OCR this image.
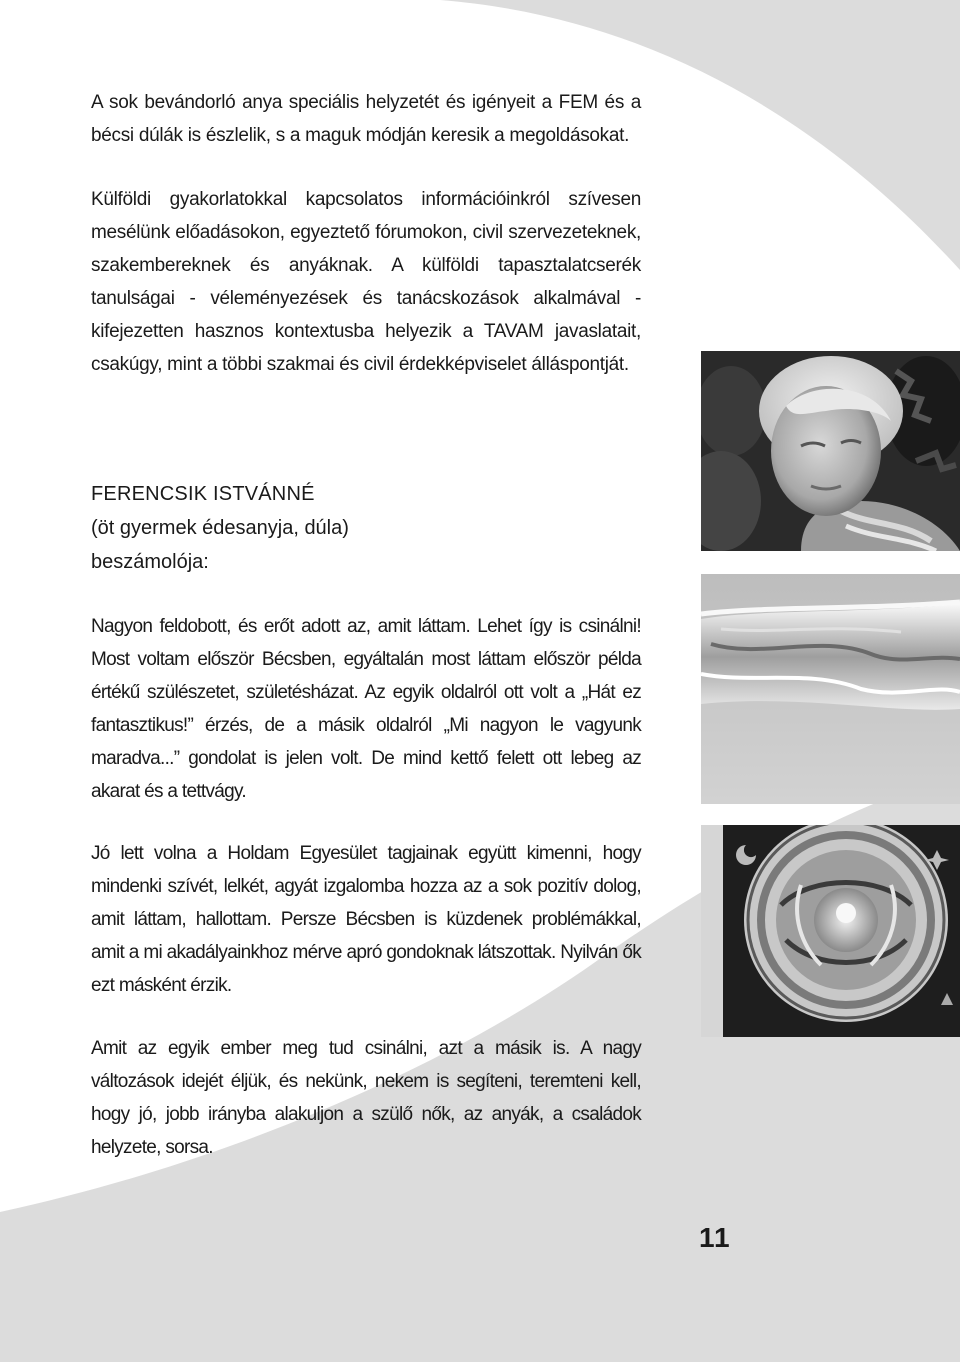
A sok bevándorló anya speciális helyzetét és igényeit a FEM és a bécsi dúlák is észlelik, s a maguk módján keresik a megoldásokat.

Külföldi gyakorlatokkal kapcsolatos információinkról szívesen mesélünk előadásokon, egyeztető fórumokon, civil szervezeteknek, szakembereknek és anyáknak. A külföldi tapasztalatcserék tanulságai - véleményezések és tanácskozások alkalmával - kifejezetten hasznos kontextusba helyezik a TAVAM javaslatait, csakúgy, mint a többi szakmai és civil érdekképviselet álláspontját.

FERENCSIK ISTVÁNNÉ
(öt gyermek édesanyja, dúla)
beszámolója:

Nagyon feldobott, és erőt adott az, amit láttam. Lehet így is csinálni! Most voltam először Bécsben, egyáltalán most láttam először példa értékű szülészetet, születésházat. Az egyik oldalról ott volt a „Hát ez fantasztikus!” érzés, de a másik oldalról „Mi nagyon le vagyunk maradva...” gondolat is jelen volt. De mind kettő felett ott lebeg az akarat és a tettvágy.

Jó lett volna a Holdam Egyesület tagjainak együtt kimenni, hogy mindenki szívét, lelkét, agyát izgalomba hozza az a sok pozitív dolog, amit láttam, hallottam. Persze Bécsben is küzdenek problémákkal, amit a mi akadályainkhoz mérve apró gondoknak látszottak. Nyilván ők ezt másként érzik.

Amit az egyik ember meg tud csinálni, azt a másik is. A nagy változások idejét éljük, és nekünk, nekem is segíteni, teremteni kell, hogy jó, jobb irányba alakuljon a szülő nők, az anyák, a családok helyzete, sorsa.

11
